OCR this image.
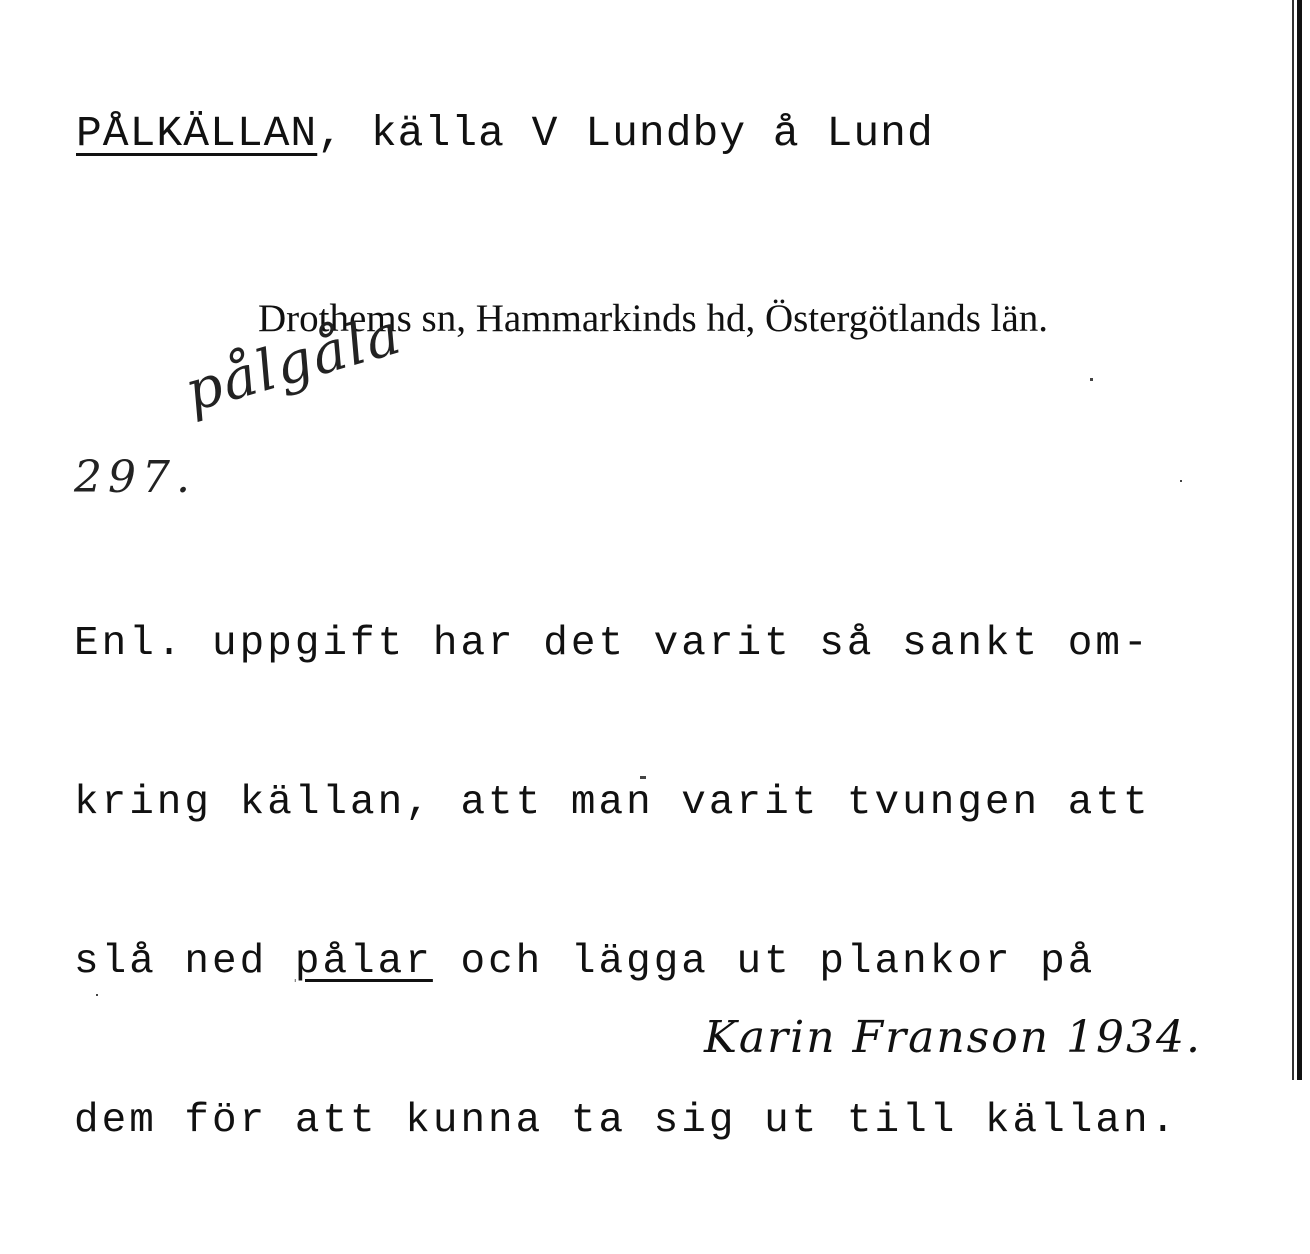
PÅLKÄLLAN, källa V Lundby å Lund
Drothems sn, Hammarkinds hd, Östergötlands län.
pålgåla
297.

Enl. uppgift har det varit så sankt om-

kring källan, att man varit tvungen att

slå ned pålar och lägga ut plankor på

dem för att kunna ta sig ut till källan.

Karin Franson 1934.
